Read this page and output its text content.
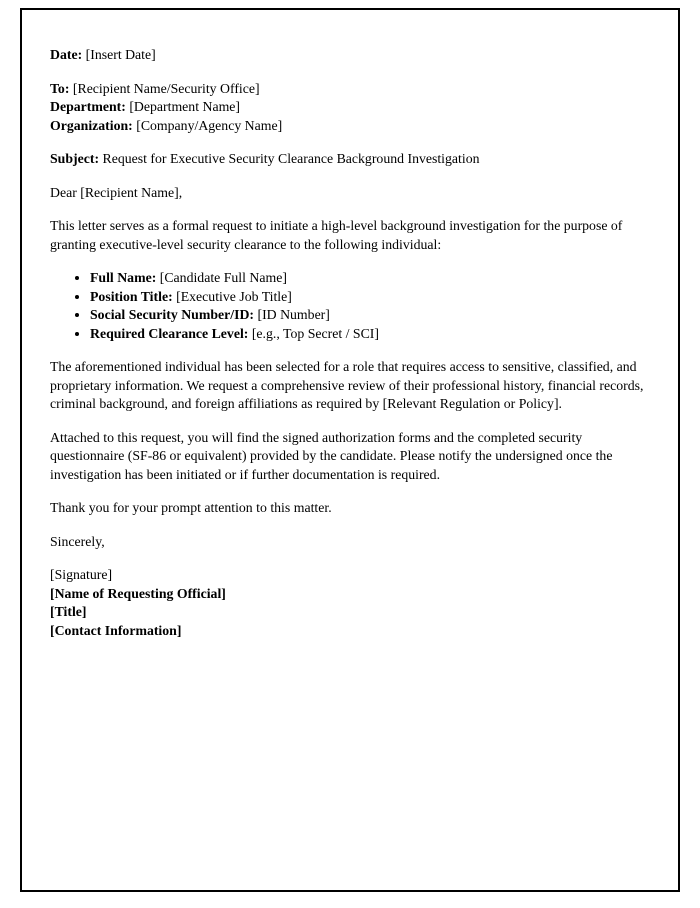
Date: [Insert Date]

To: [Recipient Name/Security Office]

Department: [Department Name]

Organization: [Company/Agency Name]

Subject: Request for Executive Security Clearance Background Investigation

Dear [Recipient Name],

This letter serves as a formal request to initiate a high-level background investigation for the purpose of granting executive-level security clearance to the following individual:

• Full Name: [Candidate Full Name]
• Position Title: [Executive Job Title]
• Social Security Number/ID: [ID Number]
• Required Clearance Level: [e.g., Top Secret / SCI]

The aforementioned individual has been selected for a role that requires access to sensitive, classified, and proprietary information. We request a comprehensive review of their professional history, financial records, criminal background, and foreign affiliations as required by [Relevant Regulation or Policy].

Attached to this request, you will find the signed authorization forms and the completed security questionnaire (SF-86 or equivalent) provided by the candidate. Please notify the undersigned once the investigation has been initiated or if further documentation is required.

Thank you for your prompt attention to this matter.

Sincerely,

[Signature]

[Name of Requesting Official]

[Title]

[Contact Information]
